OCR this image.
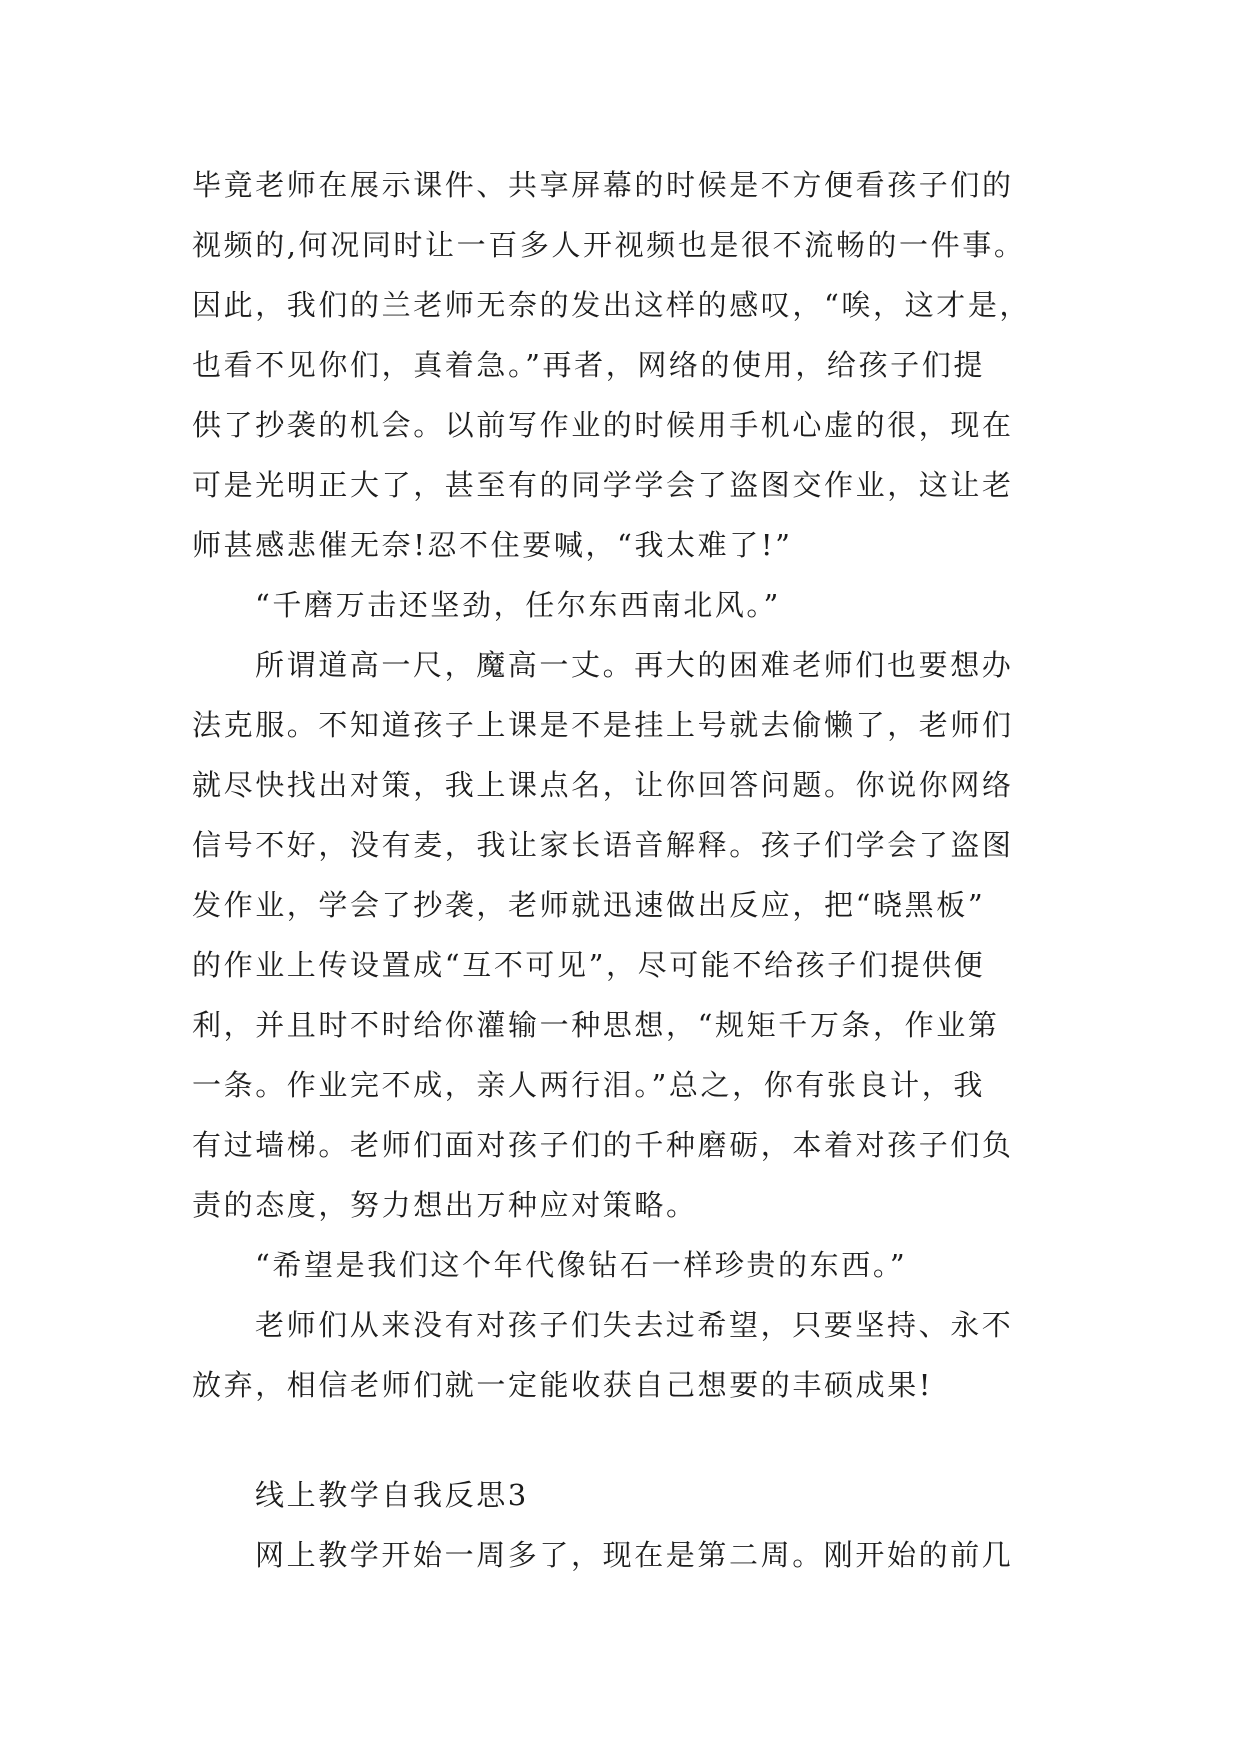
毕竟老师在展示课件、共享屏幕的时候是不方便看孩子们的
视频的,何况同时让一百多人开视频也是很不流畅的一件事。
因此，我们的兰老师无奈的发出这样的感叹，“唉，这才是，
也看不见你们，真着急。”再者，网络的使用，给孩子们提
供了抄袭的机会。以前写作业的时候用手机心虚的很，现在
可是光明正大了，甚至有的同学学会了盗图交作业，这让老
师甚感悲催无奈!忍不住要喊，“我太难了!”
“千磨万击还坚劲，任尔东西南北风。”
所谓道高一尺，魔高一丈。再大的困难老师们也要想办
法克服。不知道孩子上课是不是挂上号就去偷懒了，老师们
就尽快找出对策，我上课点名，让你回答问题。你说你网络
信号不好，没有麦，我让家长语音解释。孩子们学会了盗图
发作业，学会了抄袭，老师就迅速做出反应，把“晓黑板”
的作业上传设置成“互不可见”，尽可能不给孩子们提供便
利，并且时不时给你灌输一种思想，“规矩千万条，作业第
一条。作业完不成，亲人两行泪。”总之，你有张良计，我
有过墙梯。老师们面对孩子们的千种磨砺，本着对孩子们负
责的态度，努力想出万种应对策略。
“希望是我们这个年代像钻石一样珍贵的东西。”
老师们从来没有对孩子们失去过希望，只要坚持、永不
放弃，相信老师们就一定能收获自己想要的丰硕成果!
线上教学自我反思3
网上教学开始一周多了，现在是第二周。刚开始的前几
